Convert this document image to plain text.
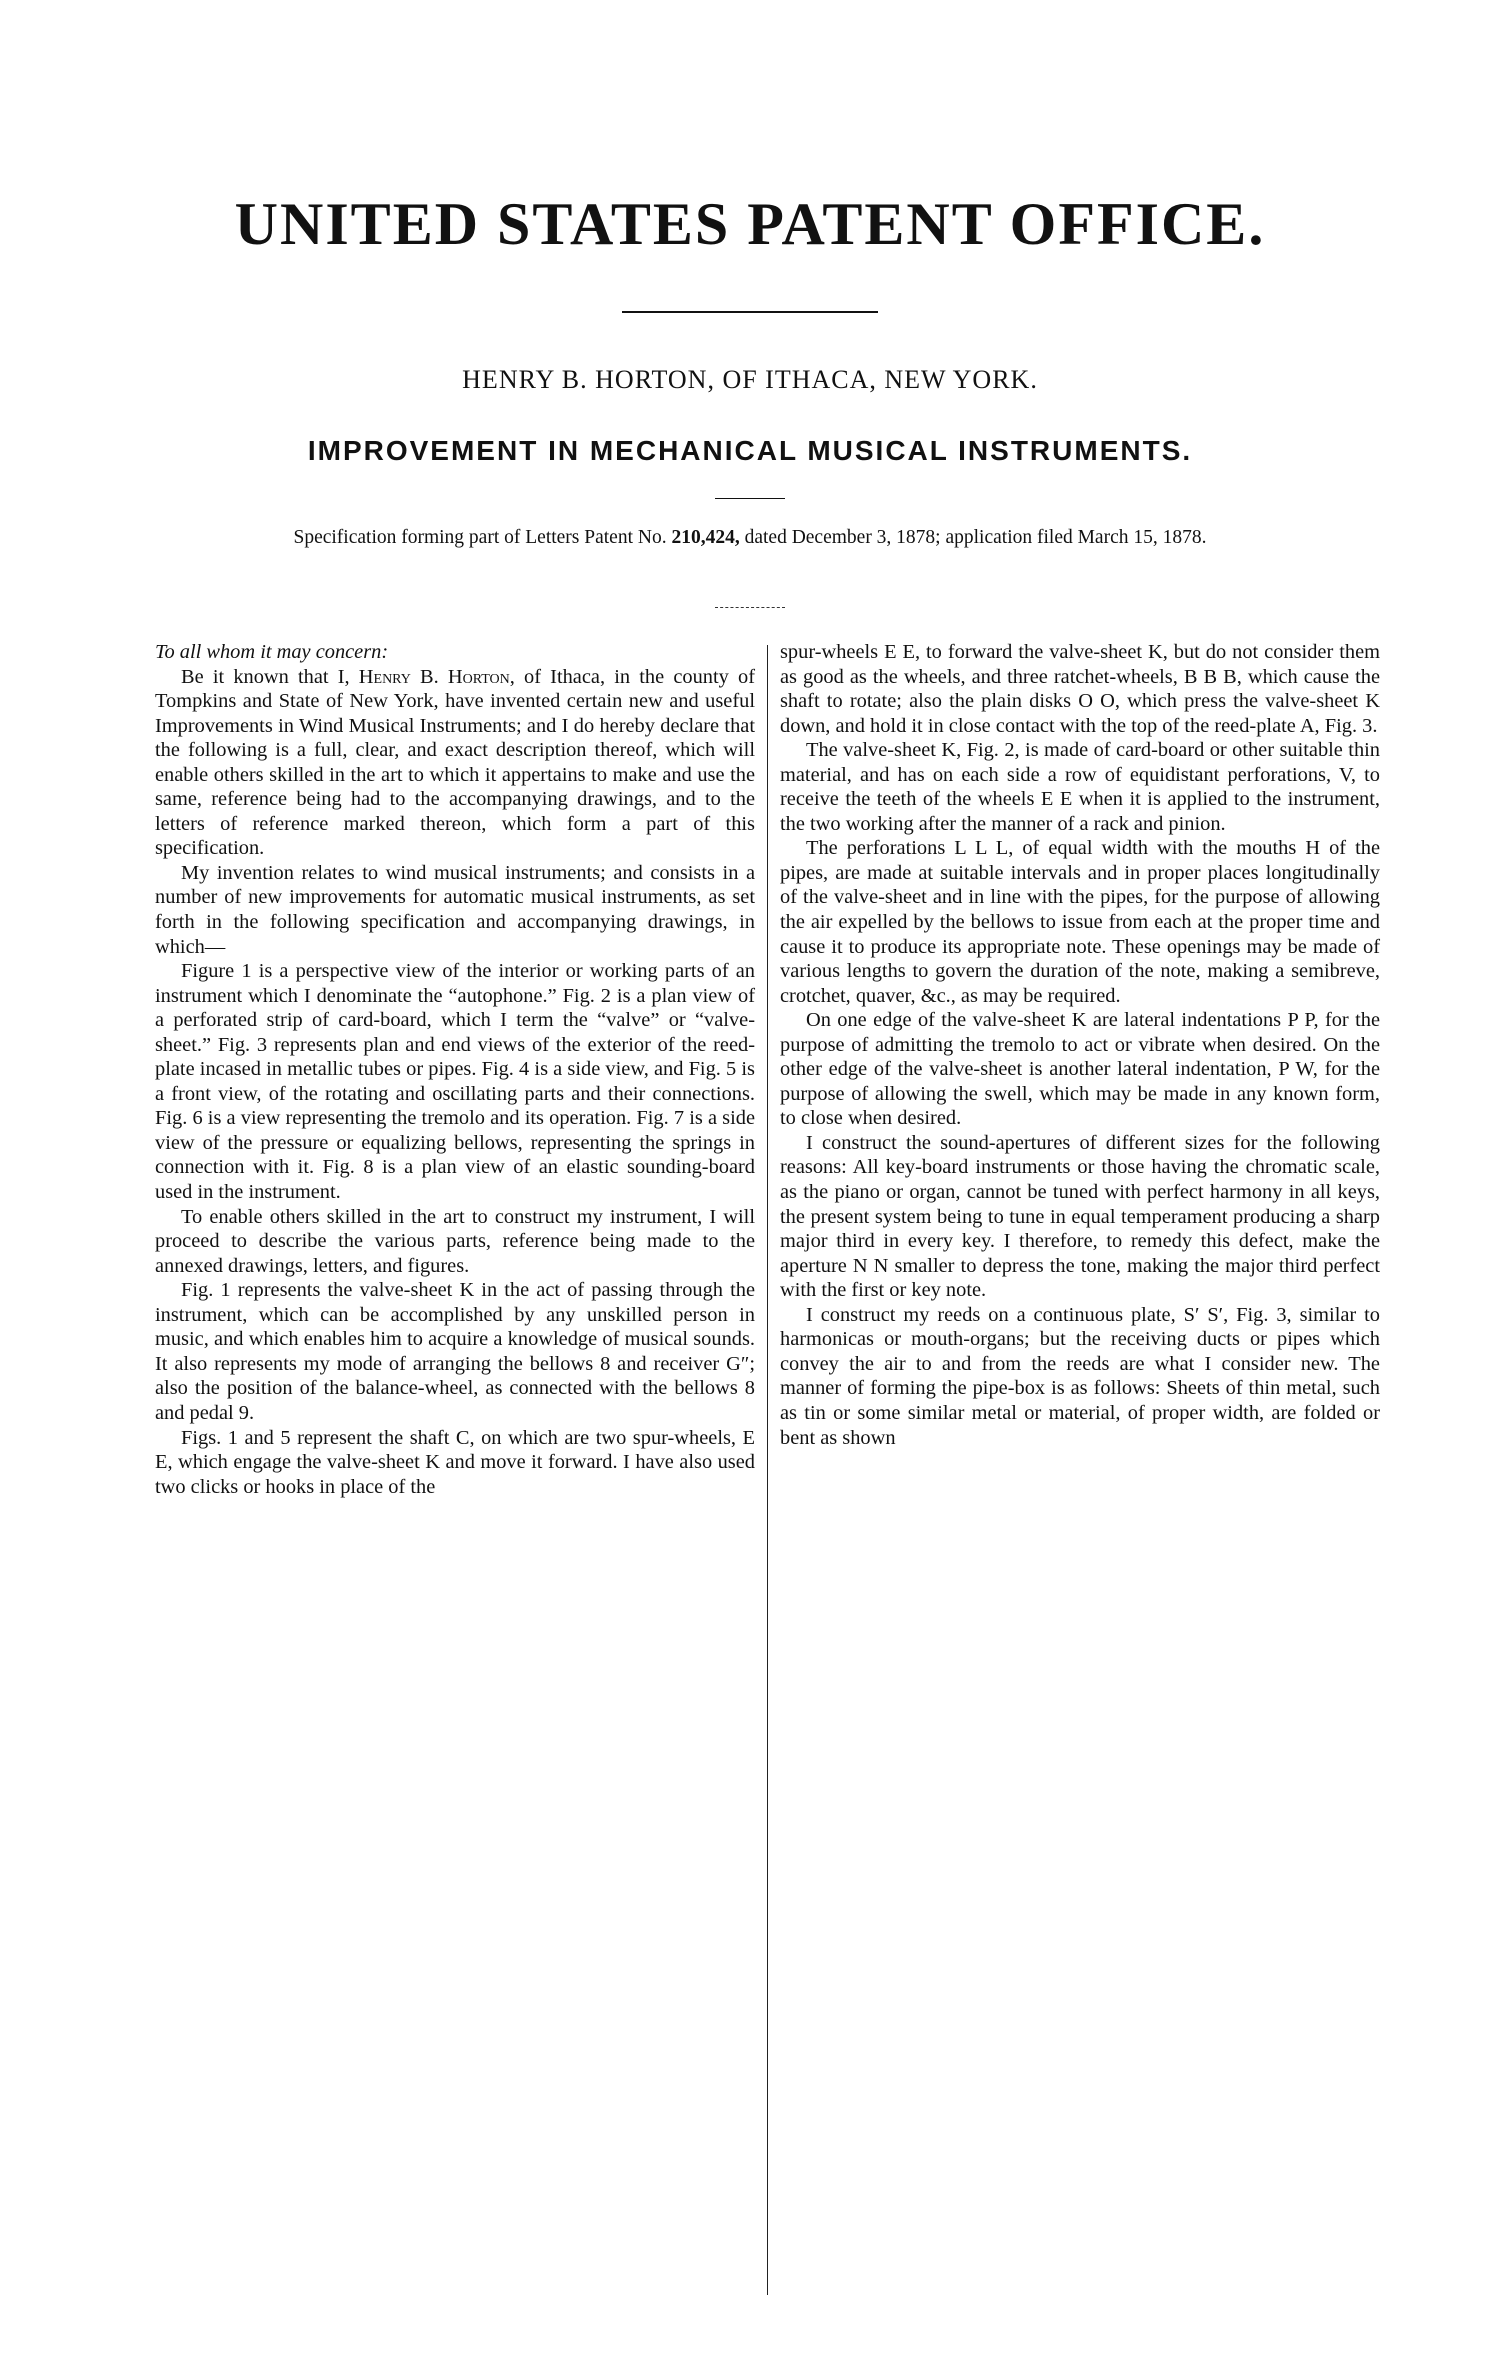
UNITED STATES PATENT OFFICE.
HENRY B. HORTON, OF ITHACA, NEW YORK.
IMPROVEMENT IN MECHANICAL MUSICAL INSTRUMENTS.
Specification forming part of Letters Patent No. 210,424, dated December 3, 1878; application filed March 15, 1878.

To all whom it may concern:

Be it known that I, Henry B. Horton, of Ithaca, in the county of Tompkins and State of New York, have invented certain new and useful Improvements in Wind Musical Instruments; and I do hereby declare that the following is a full, clear, and exact description thereof, which will enable others skilled in the art to which it appertains to make and use the same, reference being had to the accompanying drawings, and to the letters of reference marked thereon, which form a part of this specification.

My invention relates to wind musical instruments; and consists in a number of new improvements for automatic musical instruments, as set forth in the following specification and accompanying drawings, in which—

Figure 1 is a perspective view of the interior or working parts of an instrument which I denominate the “autophone.” Fig. 2 is a plan view of a perforated strip of card-board, which I term the “valve” or “valve-sheet.” Fig. 3 represents plan and end views of the exterior of the reed-plate incased in metallic tubes or pipes. Fig. 4 is a side view, and Fig. 5 is a front view, of the rotating and oscillating parts and their connections. Fig. 6 is a view representing the tremolo and its operation. Fig. 7 is a side view of the pressure or equalizing bellows, representing the springs in connection with it. Fig. 8 is a plan view of an elastic sounding-board used in the instrument.

To enable others skilled in the art to construct my instrument, I will proceed to describe the various parts, reference being made to the annexed drawings, letters, and figures.

Fig. 1 represents the valve-sheet K in the act of passing through the instrument, which can be accomplished by any unskilled person in music, and which enables him to acquire a knowledge of musical sounds. It also represents my mode of arranging the bellows 8 and receiver G″; also the position of the balance-wheel, as connected with the bellows 8 and pedal 9.

Figs. 1 and 5 represent the shaft C, on which are two spur-wheels, E E, which engage the valve-sheet K and move it forward. I have also used two clicks or hooks in place of the

spur-wheels E E, to forward the valve-sheet K, but do not consider them as good as the wheels, and three ratchet-wheels, B B B, which cause the shaft to rotate; also the plain disks O O, which press the valve-sheet K down, and hold it in close contact with the top of the reed-plate A, Fig. 3.

The valve-sheet K, Fig. 2, is made of card-board or other suitable thin material, and has on each side a row of equidistant perforations, V, to receive the teeth of the wheels E E when it is applied to the instrument, the two working after the manner of a rack and pinion.

The perforations L L L, of equal width with the mouths H of the pipes, are made at suitable intervals and in proper places longitudinally of the valve-sheet and in line with the pipes, for the purpose of allowing the air expelled by the bellows to issue from each at the proper time and cause it to produce its appropriate note. These openings may be made of various lengths to govern the duration of the note, making a semibreve, crotchet, quaver, &c., as may be required.

On one edge of the valve-sheet K are lateral indentations P P, for the purpose of admitting the tremolo to act or vibrate when desired. On the other edge of the valve-sheet is another lateral indentation, P W, for the purpose of allowing the swell, which may be made in any known form, to close when desired.

I construct the sound-apertures of different sizes for the following reasons: All key-board instruments or those having the chromatic scale, as the piano or organ, cannot be tuned with perfect harmony in all keys, the present system being to tune in equal temperament producing a sharp major third in every key. I therefore, to remedy this defect, make the aperture N N smaller to depress the tone, making the major third perfect with the first or key note.

I construct my reeds on a continuous plate, S′ S′, Fig. 3, similar to harmonicas or mouth-organs; but the receiving ducts or pipes which convey the air to and from the reeds are what I consider new. The manner of forming the pipe-box is as follows: Sheets of thin metal, such as tin or some similar metal or material, of proper width, are folded or bent as shown
